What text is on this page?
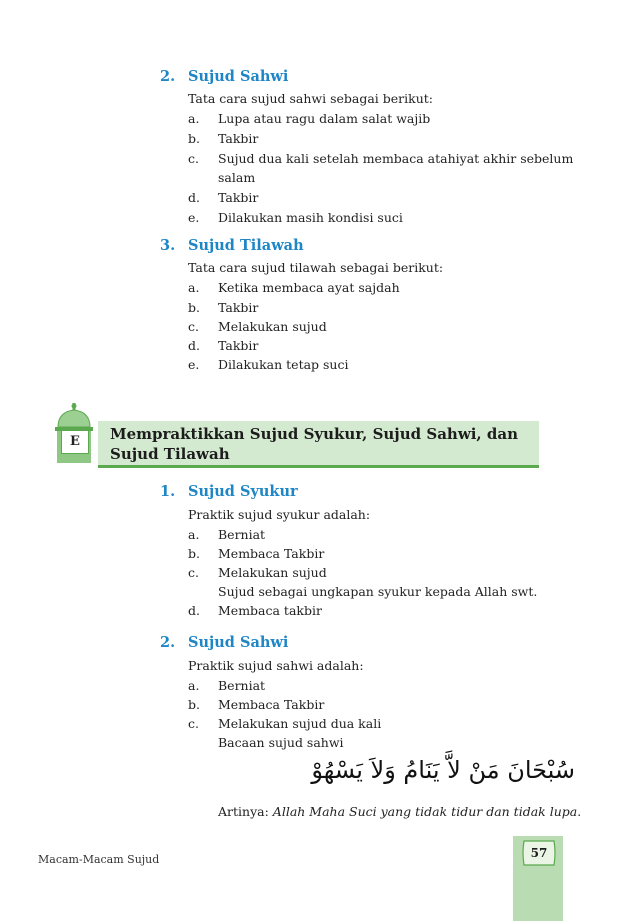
2. Sujud Sahwi
Tata cara sujud sahwi sebagai berikut:
a. Lupa atau ragu dalam salat wajib
b. Takbir
c. Sujud dua kali setelah membaca atahiyat akhir sebelum
salam
d. Takbir
e. Dilakukan masih kondisi suci
3. Sujud Tilawah
Tata cara sujud tilawah sebagai berikut:
a. Ketika membaca ayat sajdah
b. Takbir
c. Melakukan sujud
d. Takbir
e. Dilakukan tetap suci
E	Mempraktikkan Sujud Syukur, Sujud Sahwi, dan
Sujud Tilawah
1. Sujud Syukur
Praktik sujud syukur adalah:
a. Berniat
b. Membaca Takbir
c. Melakukan sujud
Sujud sebagai ungkapan syukur kepada Allah swt.
d. Membaca takbir
2. Sujud Sahwi
Praktik sujud sahwi adalah:
a. Berniat
b. Membaca Takbir
c. Melakukan sujud dua kali
Bacaan sujud sahwi
سُبْحَانَ مَنْ لاَّ يَنَامُ وَلاَ يَسْهُوْ
Artinya: Allah Maha Suci yang tidak tidur dan tidak lupa.
Macam-Macam Sujud	57
